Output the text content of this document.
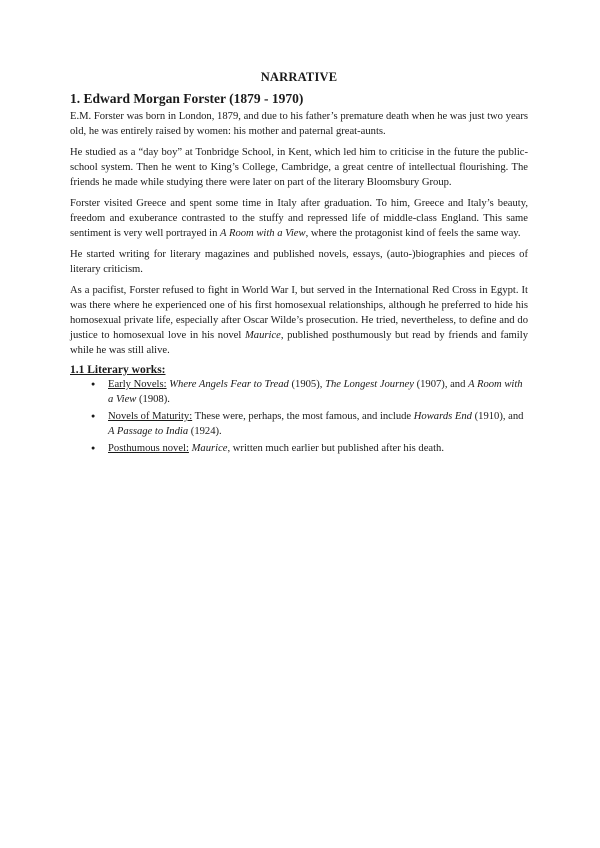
NARRATIVE
1. Edward Morgan Forster (1879 - 1970)

E.M. Forster was born in London, 1879, and due to his father’s premature death when he was just two years old, he was entirely raised by women: his mother and paternal great-aunts.

He studied as a “day boy” at Tonbridge School, in Kent, which led him to criticise in the future the public-school system. Then he went to King’s College, Cambridge, a great centre of intellectual flourishing. The friends he made while studying there were later on part of the literary Bloomsbury Group.

Forster visited Greece and spent some time in Italy after graduation. To him, Greece and Italy’s beauty, freedom and exuberance contrasted to the stuffy and repressed life of middle-class England. This same sentiment is very well portrayed in A Room with a View, where the protagonist kind of feels the same way.

He started writing for literary magazines and published novels, essays, (auto-)biographies and pieces of literary criticism.

As a pacifist, Forster refused to fight in World War I, but served in the International Red Cross in Egypt. It was there where he experienced one of his first homosexual relationships, although he preferred to hide his homosexual private life, especially after Oscar Wilde’s prosecution. He tried, nevertheless, to define and do justice to homosexual love in his novel Maurice, published posthumously but read by friends and family while he was still alive.

1.1 Literary works:
● Early Novels: Where Angels Fear to Tread (1905), The Longest Journey (1907), and A Room with a View (1908).
● Novels of Maturity: These were, perhaps, the most famous, and include Howards End (1910), and A Passage to India (1924).
● Posthumous novel: Maurice, written much earlier but published after his death.
